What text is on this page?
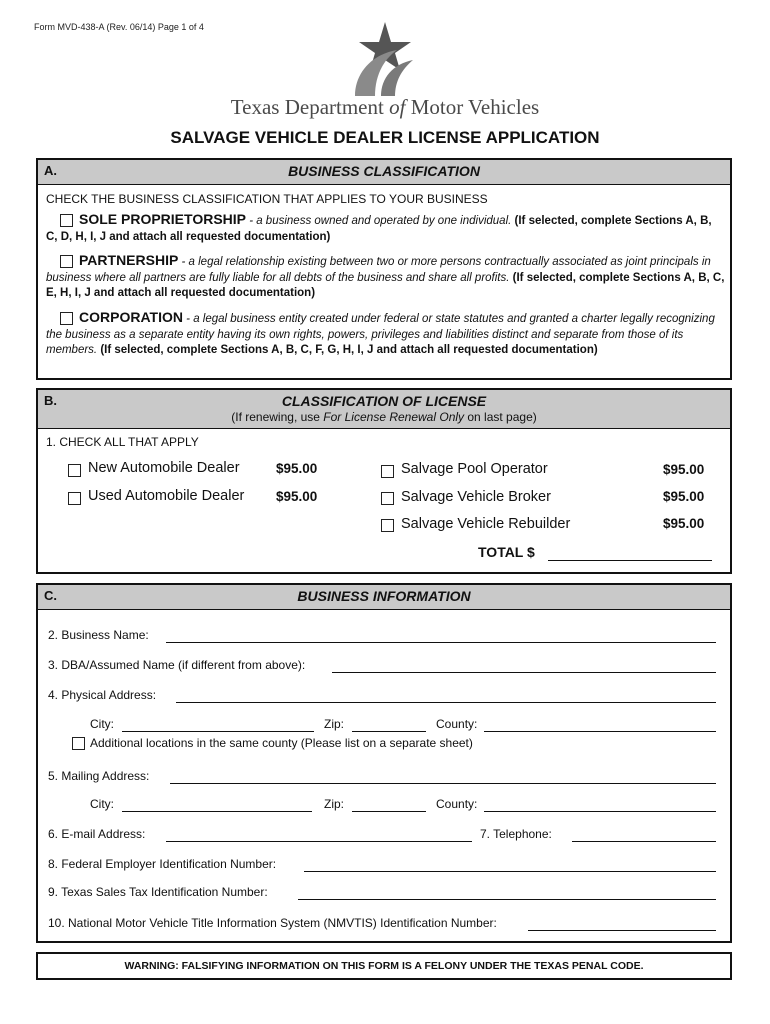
Form MVD-438-A (Rev. 06/14) Page 1 of 4
Texas Department of Motor Vehicles
SALVAGE VEHICLE DEALER LICENSE APPLICATION
A.	BUSINESS CLASSIFICATION
CHECK THE BUSINESS CLASSIFICATION THAT APPLIES TO YOUR BUSINESS
SOLE PROPRIETORSHIP - a business owned and operated by one individual. (If selected, complete Sections A, B, C, D, H, I, J and attach all requested documentation)
PARTNERSHIP - a legal relationship existing between two or more persons contractually associated as joint principals in business where all partners are fully liable for all debts of the business and share all profits. (If selected, complete Sections A, B, C, E, H, I, J and attach all requested documentation)
CORPORATION - a legal business entity created under federal or state statutes and granted a charter legally recognizing the business as a separate entity having its own rights, powers, privileges and liabilities distinct and separate from those of its members. (If selected, complete Sections A, B, C, F, G, H, I, J and attach all requested documentation)
B.	CLASSIFICATION OF LICENSE
(If renewing, use For License Renewal Only on last page)
1. CHECK ALL THAT APPLY
New Automobile Dealer	$95.00
Used Automobile Dealer $95.00
Salvage Pool Operator	$95.00
Salvage Vehicle Broker	$95.00
Salvage Vehicle Rebuilder	$95.00
TOTAL $
C.	BUSINESS INFORMATION
2. Business Name:
3. DBA/Assumed Name (if different from above):
4. Physical Address:
City:	Zip:	County:
Additional locations in the same county (Please list on a separate sheet)
5. Mailing Address:
City:	Zip:	County:
6. E-mail Address:	7. Telephone:
8. Federal Employer Identification Number:
9. Texas Sales Tax Identification Number:
10. National Motor Vehicle Title Information System (NMVTIS) Identification Number:
WARNING: FALSIFYING INFORMATION ON THIS FORM IS A FELONY UNDER THE TEXAS PENAL CODE.
